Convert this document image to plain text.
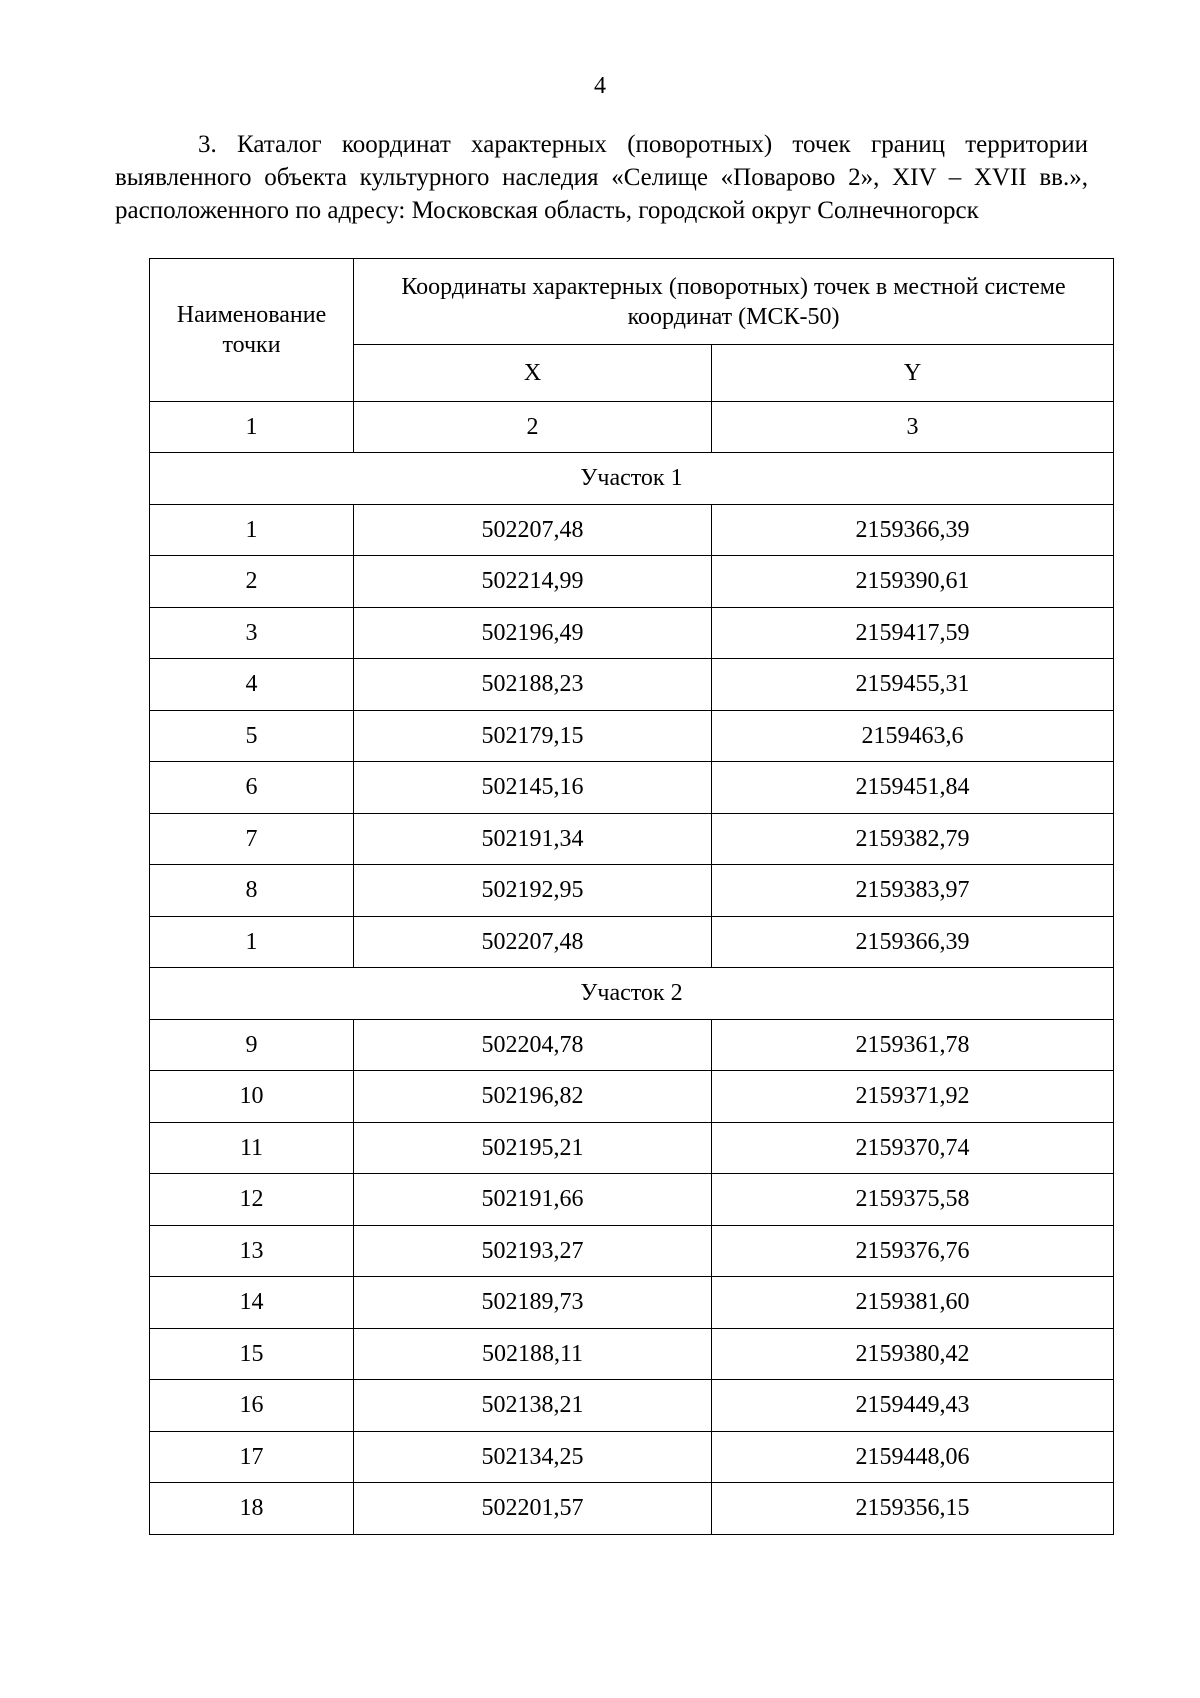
4
3. Каталог координат характерных (поворотных) точек границ территории
выявленного объекта культурного наследия «Селище «Поварово 2», XIV – XVII вв.», расположенного по адресу: Московская область, городской округ Солнечногорск
Наименование точки	Координаты характерных (поворотных) точек в местной системе координат (МСК-50)	
	X	Y
1	2	3
Участок 1		
1	502207,48	2159366,39
2	502214,99	2159390,61
3	502196,49	2159417,59
4	502188,23	2159455,31
5	502179,15	2159463,6
6	502145,16	2159451,84
7	502191,34	2159382,79
8	502192,95	2159383,97
1	502207,48	2159366,39
Участок 2		
9	502204,78	2159361,78
10	502196,82	2159371,92
11	502195,21	2159370,74
12	502191,66	2159375,58
13	502193,27	2159376,76
14	502189,73	2159381,60
15	502188,11	2159380,42
16	502138,21	2159449,43
17	502134,25	2159448,06
18	502201,57	2159356,15
